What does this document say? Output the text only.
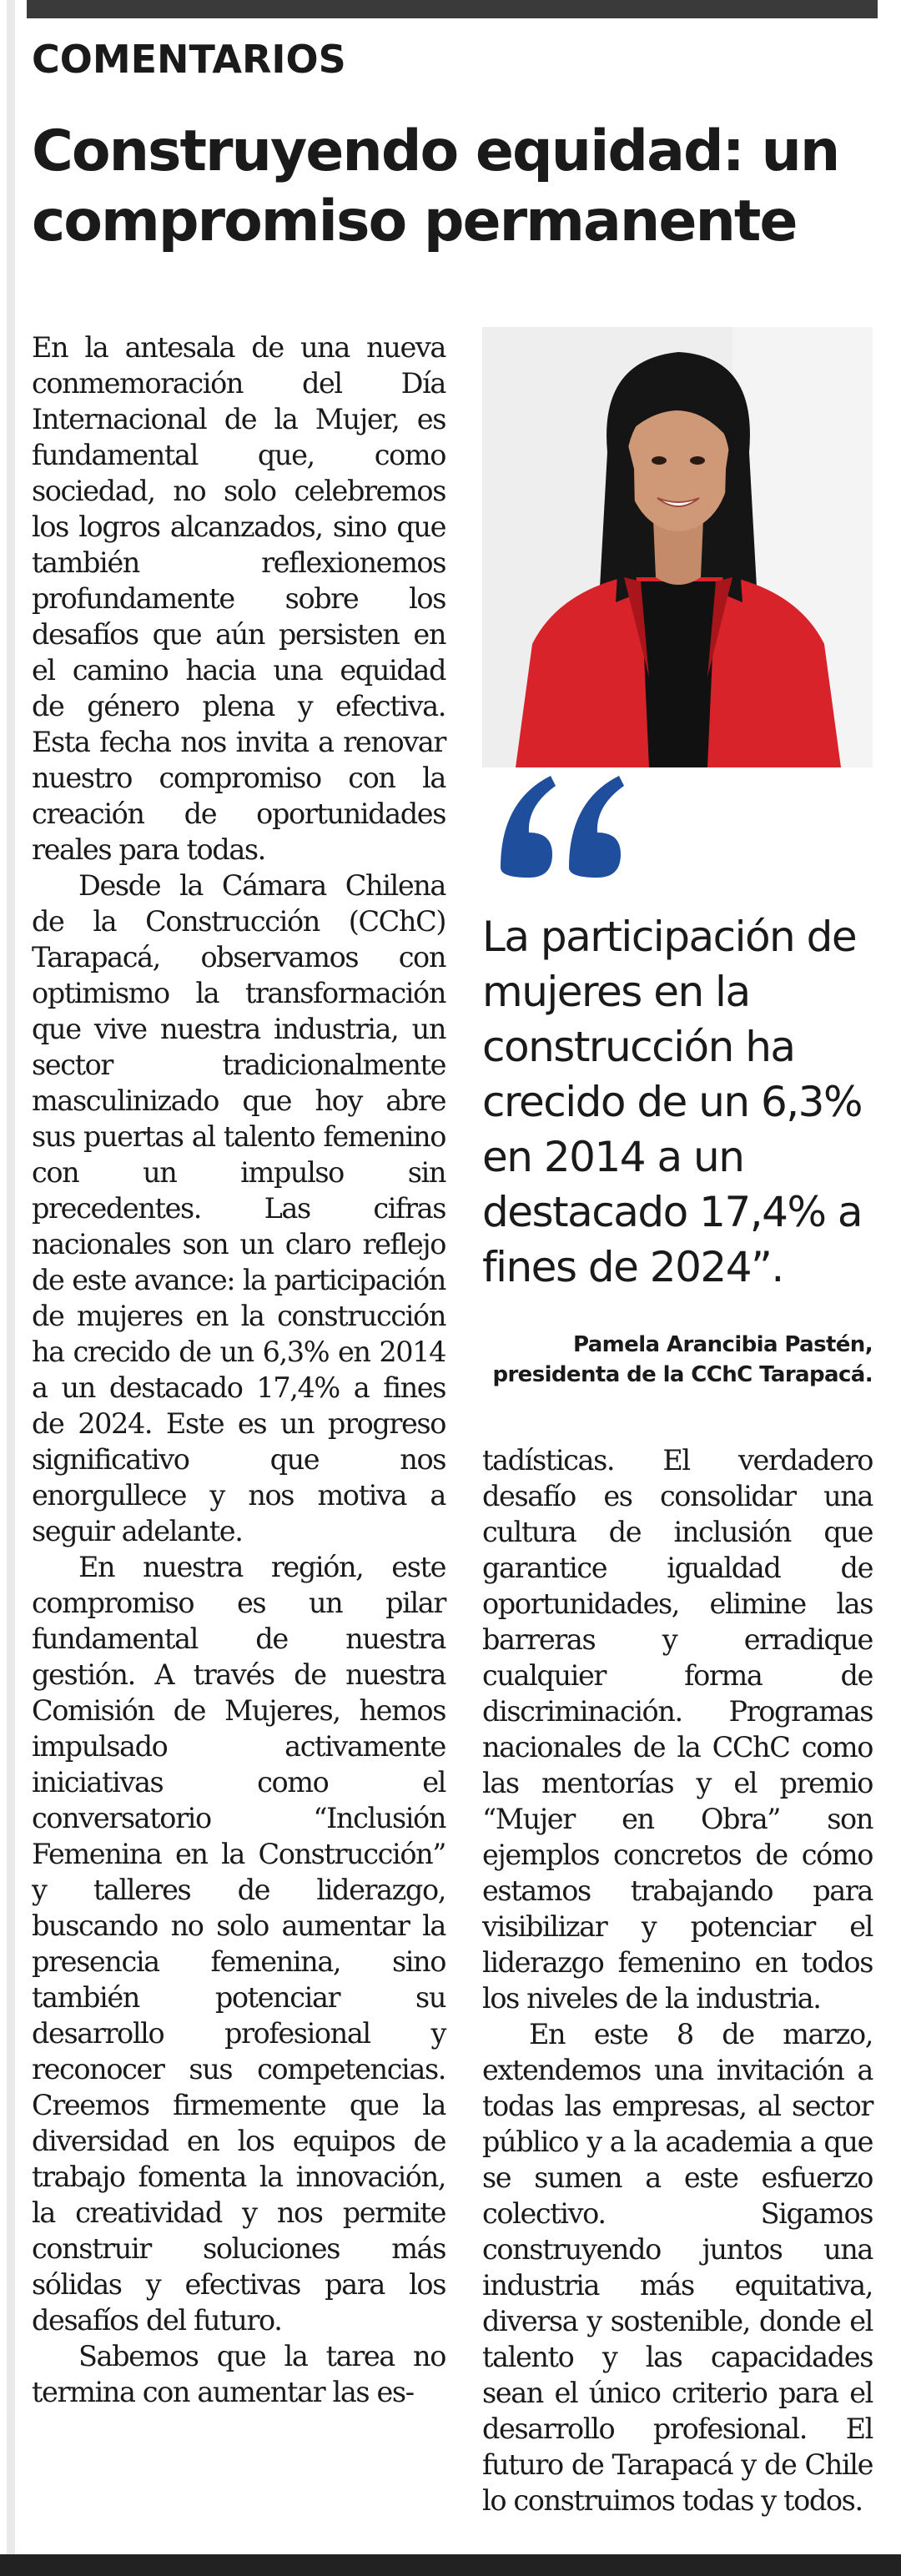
COMENTARIOS
Construyendo equidad: un compromiso permanente

En la antesala de una nueva conmemoración del Día Internacional de la Mujer, es fundamental que, como sociedad, no solo celebremos los logros alcanzados, sino que también reflexionemos profundamente sobre los desafíos que aún persisten en el camino hacia una equidad de género plena y efectiva. Esta fecha nos invita a renovar nuestro compromiso con la creación de oportunidades reales para todas.

Desde la Cámara Chilena de la Construcción (CChC) Tarapacá, observamos con optimismo la transformación que vive nuestra industria, un sector tradicionalmente masculinizado que hoy abre sus puertas al talento femenino con un impulso sin precedentes. Las cifras nacionales son un claro reflejo de este avance: la participación de mujeres en la construcción ha crecido de un 6,3% en 2014 a un destacado 17,4% a fines de 2024. Este es un progreso significativo que nos enorgullece y nos motiva a seguir adelante.

En nuestra región, este compromiso es un pilar fundamental de nuestra gestión. A través de nuestra Comisión de Mujeres, hemos impulsado activamente iniciativas como el conversatorio “Inclusión Femenina en la Construcción” y talleres de liderazgo, buscando no solo aumentar la presencia femenina, sino también potenciar su desarrollo profesional y reconocer sus competencias. Creemos firmemente que la diversidad en los equipos de trabajo fomenta la innovación, la creatividad y nos permite construir soluciones más sólidas y efectivas para los desafíos del futuro.

Sabemos que la tarea no termina con aumentar las es-

La participación de mujeres en la construcción ha crecido de un 6,3% en 2014 a un destacado 17,4% a fines de 2024”.
Pamela Arancibia Pastén,
presidenta de la CChC Tarapacá.

tadísticas. El verdadero desafío es consolidar una cultura de inclusión que garantice igualdad de oportunidades, elimine las barreras y erradique cualquier forma de discriminación. Programas nacionales de la CChC como las mentorías y el premio “Mujer en Obra” son ejemplos concretos de cómo estamos trabajando para visibilizar y potenciar el liderazgo femenino en todos los niveles de la industria.

En este 8 de marzo, extendemos una invitación a todas las empresas, al sector público y a la academia a que se sumen a este esfuerzo colectivo. Sigamos construyendo juntos una industria más equitativa, diversa y sostenible, donde el talento y las capacidades sean el único criterio para el desarrollo profesional. El futuro de Tarapacá y de Chile lo construimos todas y todos.
